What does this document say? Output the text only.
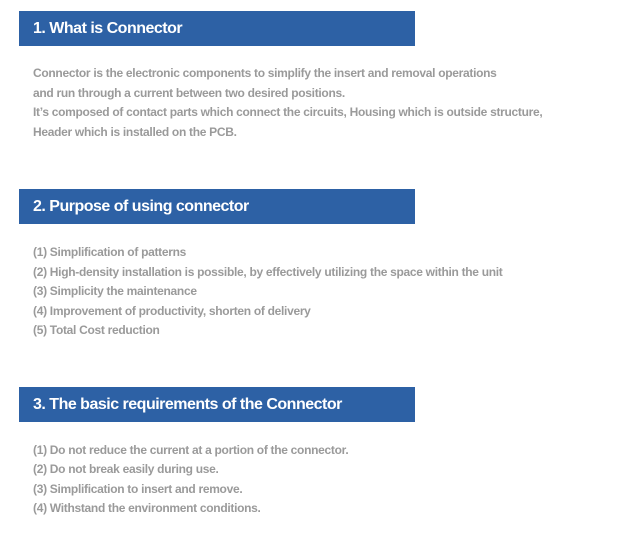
1. What is Connector

Connector is the electronic components to simplify the insert and removal operations

and run through a current between two desired positions.

It’s composed of contact parts which connect the circuits, Housing which is outside structure,

Header which is installed on the PCB.

2. Purpose of using connector

(1) Simplification of patterns

(2) High-density installation is possible, by effectively utilizing the space within the unit

(3) Simplicity the maintenance

(4) Improvement of productivity, shorten of delivery

(5) Total Cost reduction

3. The basic requirements of the Connector

(1) Do not reduce the current at a portion of the connector.

(2) Do not break easily during use.

(3) Simplification to insert and remove.

(4) Withstand the environment conditions.
